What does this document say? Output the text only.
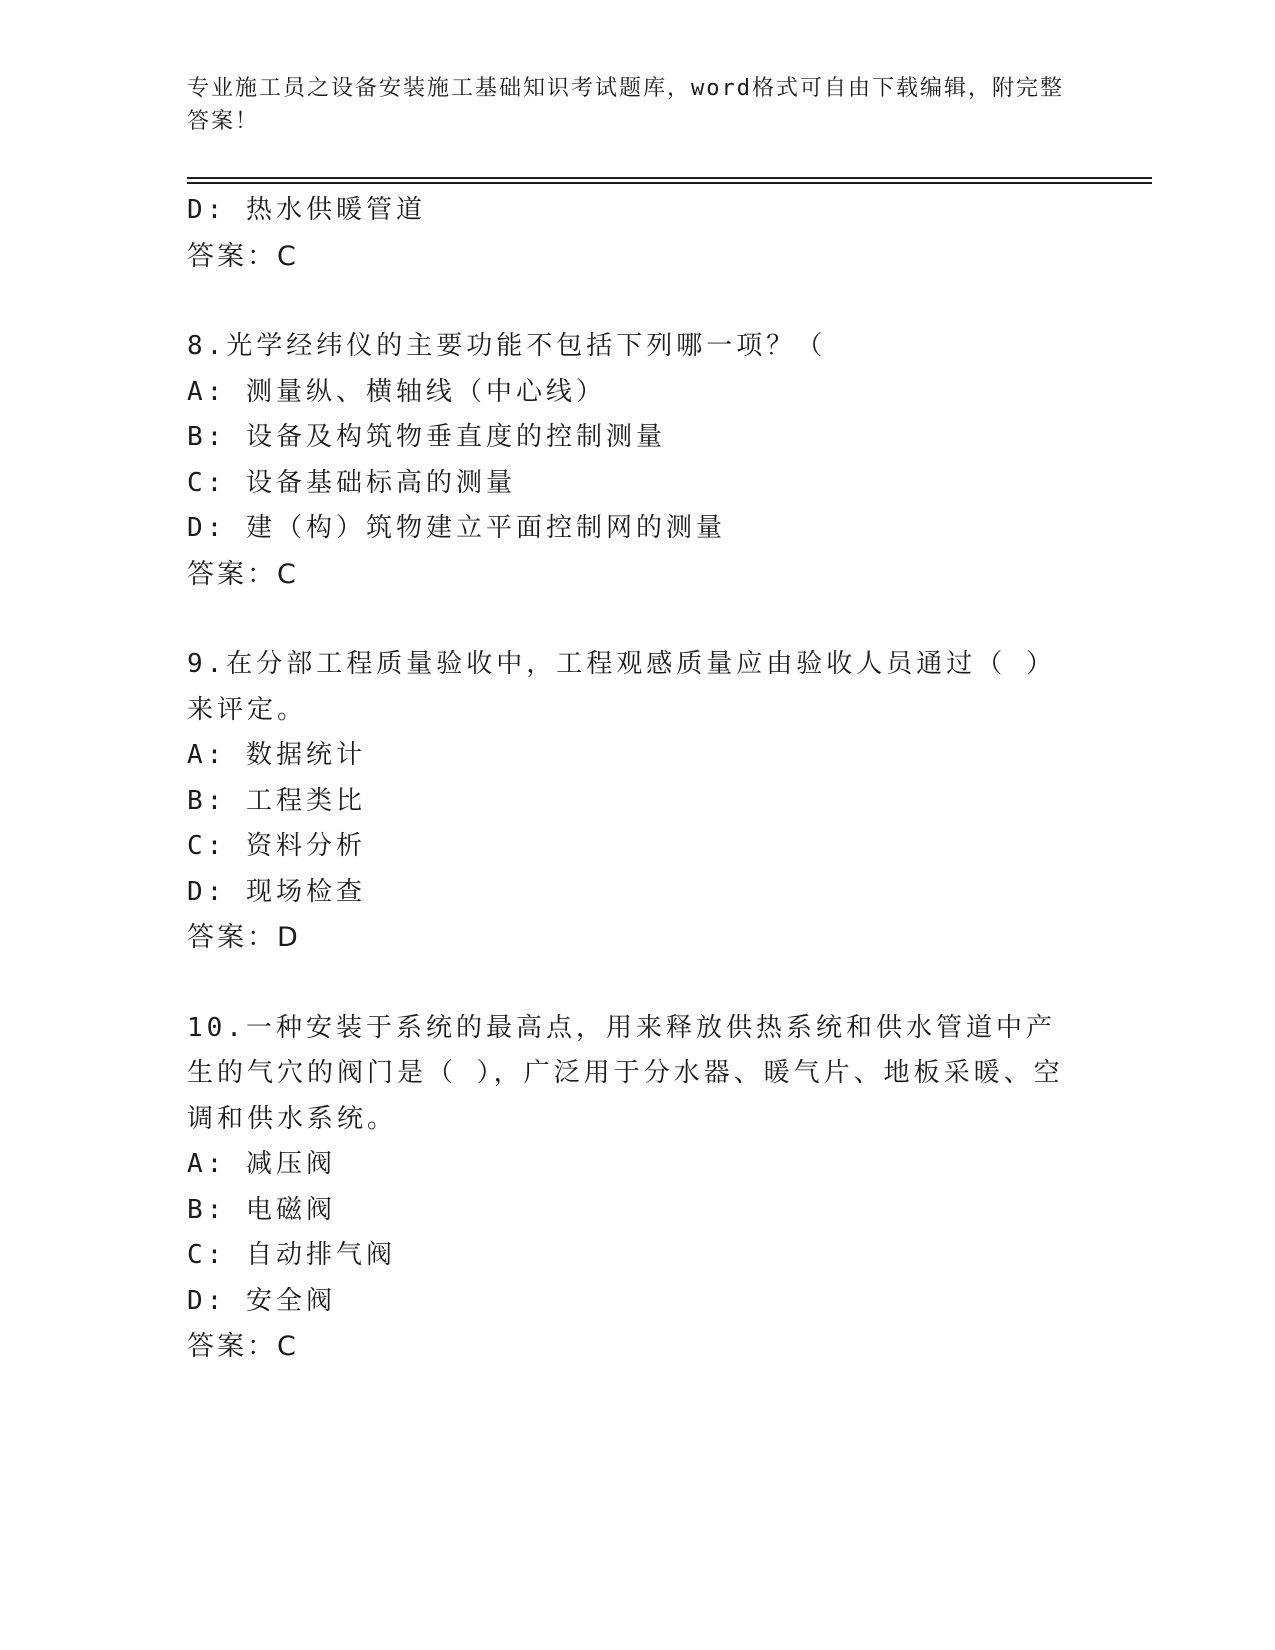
专业施工员之设备安装施工基础知识考试题库，word格式可自由下载编辑，附完整答案！
D: 热水供暖管道
答案：C
8.光学经纬仪的主要功能不包括下列哪一项？（
A: 测量纵、横轴线（中心线）
B: 设备及构筑物垂直度的控制测量
C: 设备基础标高的测量
D: 建（构）筑物建立平面控制网的测量
答案：C
9.在分部工程质量验收中，工程观感质量应由验收人员通过（ ）来评定。
A: 数据统计
B: 工程类比
C: 资料分析
D: 现场检查
答案：D
10.一种安装于系统的最高点，用来释放供热系统和供水管道中产生的气穴的阀门是（ ），广泛用于分水器、暖气片、地板采暖、空调和供水系统。
A: 减压阀
B: 电磁阀
C: 自动排气阀
D: 安全阀
答案：C
